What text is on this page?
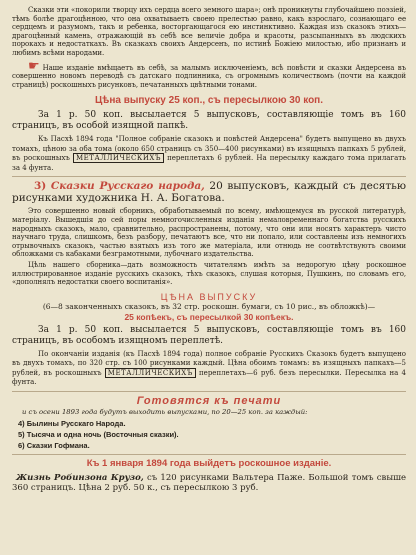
Сказки эти «покорили творцу ихъ сердца всего земного шара»; онѣ проникнуты глубочайшею поэзіей, тѣмъ болѣе драгоцѣнною, что она охватываетъ своею прелестью равно, какъ взрослаго, сознающаго ее сердцемъ и разумомъ, такъ и ребенка, восторгающагося ею инстинктивно. Каждая изъ сказокъ этихъ—драгоцѣнный камень, отражающій въ себѣ все величіе добра и красоты, разсыпанныхъ въ людскихъ порокахъ и недостаткахъ. Въ сказкахъ своихъ Андерсенъ, по истинѣ Божіею милостью, ибо признанъ и любимъ всѣми народами.

☛ Наше изданіе вмѣщаетъ въ себѣ, за малымъ исключеніемъ, всѣ повѣсти и сказки Андерсена въ совершенно новомъ переводѣ съ датскаго подлинника, съ огромнымъ количествомъ (почти на каждой страницѣ) роскошныхъ рисунковъ, печатанныхъ цвѣтными тонами.

Цѣна выпуску 25 коп., съ пересылкою 30 коп.

За 1 р. 50 коп. высылается 5 выпусковъ, составляющіе томъ въ 160 страницъ, въ особой изящной папкѣ.

Къ Пасхѣ 1894 года "Полное собраніе сказокъ и повѣстей Андерсена" будетъ выпущено въ двухъ томахъ, цѣною за оба тома (около 650 страницъ съ 350—400 рисунками) въ изящныхъ папкахъ 5 рублей, въ роскошныхъ МЕТАЛЛИЧЕСКИХЪ переплетахъ 6 рублей. На пересылку каждаго тома прилагать за 4 фунта.

3) Сказки Русскаго народа, 20 выпусковъ, каждый съ десятью рисунками художника Н. А. Богатова.

Это совершенно новый сборникъ, обработываемый по всему, имѣющемуся въ русской литературѣ, матеріалу. Вышедшія до сей поры немногочисленныя изданія немаловременнаго богатства русскихъ народныхъ сказокъ, мало, сравнительно, распространены, потому, что они или носятъ характеръ чисто научнаго труда, слишкомъ, безъ разбору, печатаютъ все, что ни попало, или составлены изъ немногихъ отрывочныхъ сказокъ, частью взятыхъ изъ того же матеріала, или отнюдь не соотвѣтствуютъ своими обложками съ кабаками безграмотными, лубочнаго издательства.

Цѣль нашего сборника—дать возможность читателямъ имѣть за недорогую цѣну роскошное иллюстрированное изданіе русскихъ сказокъ, тѣхъ сказокъ, слушая которыя, Пушкинъ, по словамъ его, «дополнялъ недостатки своего воспитанія».

ЦѢНА ВЫПУСКУ

(6—8 законченныхъ сказокъ, въ 32 стр. роскошн. бумаги, съ 10 рис., въ обложкѣ)—

25 копѣекъ, съ пересылкой 30 копѣекъ.

За 1 р. 50 коп. высылается 5 выпусковъ, составляющіе томъ въ 160 страницъ, въ особомъ изящномъ переплетѣ.

По окончаніи изданія (къ Пасхѣ 1894 года) полное собраніе Русскихъ Сказокъ будетъ выпущено въ двухъ томахъ, по 320 стр. съ 100 рисунками каждый. Цѣна обоимъ томамъ: въ изящныхъ папкахъ—5 рублей, въ роскошныхъ МЕТАЛЛИЧЕСКИХЪ переплетахъ—6 руб. безъ пересылки. Пересылка на 4 фунта.

Готовятся къ печати

и съ осени 1893 года будутъ выходить выпусками, по 20—25 коп. за каждый:

4) Былины Русскаго Народа.

5) Тысяча и одна ночь (Восточныя сказки).

6) Сказки Гофмана.

Къ 1 января 1894 года выйдетъ роскошное изданіе.

Жизнь Робинзона Крузо, съ 120 рисунками Вальтера Паже. Большой томъ свыше 360 страницъ. Цѣна 2 руб. 50 к., съ пересылкою 3 руб.
